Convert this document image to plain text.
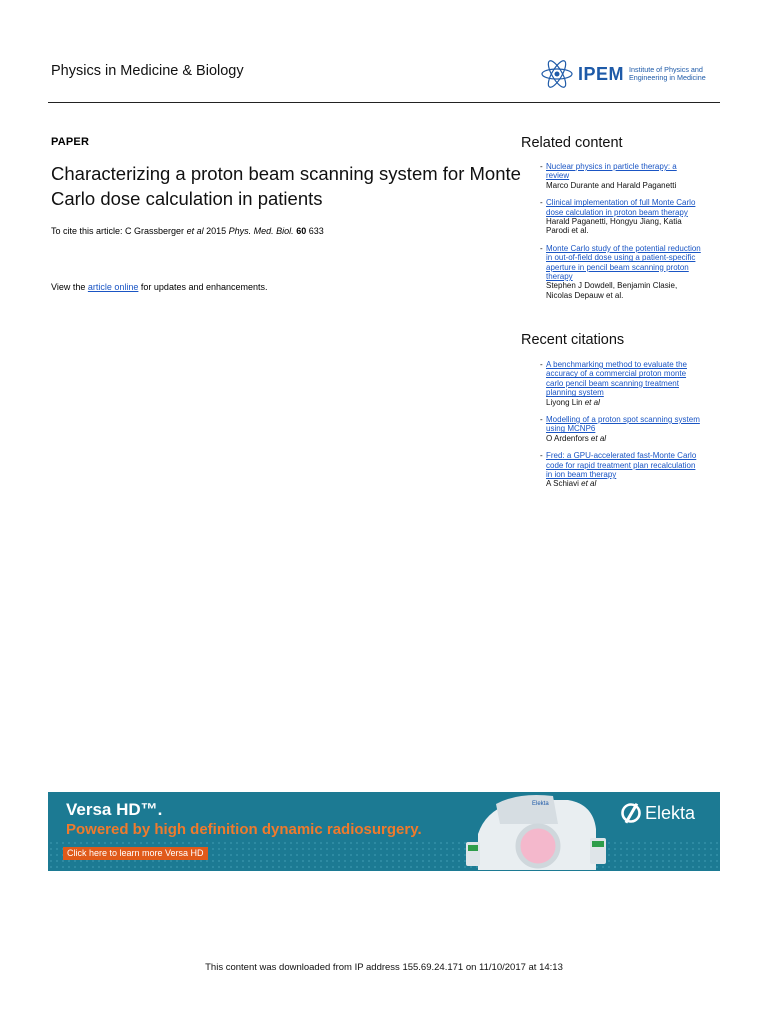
Physics in Medicine & Biology	IPEM Institute of Physics and
Engineering in Medicine
PAPER
Characterizing a proton beam scanning system for Monte Carlo dose calculation in patients
To cite this article: C Grassberger et al 2015 Phys. Med. Biol. 60 633
View the article online for updates and enhancements.
Related content
- Nuclear physics in particle therapy: a review
Marco Durante and Harald Paganetti
- Clinical implementation of full Monte Carlo dose calculation in proton beam therapy
Harald Paganetti, Hongyu Jiang, Katia Parodi et al.
- Monte Carlo study of the potential reduction in out-of-field dose using a patient-specific aperture in pencil beam scanning proton therapy
Stephen J Dowdell, Benjamin Clasie, Nicolas Depauw et al.
Recent citations
- A benchmarking method to evaluate the accuracy of a commercial proton monte carlo pencil beam scanning treatment planning system
Liyong Lin et al
- Modelling of a proton spot scanning system using MCNP6
O Ardenfors et al
- Fred: a GPU-accelerated fast-Monte Carlo code for rapid treatment plan recalculation in ion beam therapy
A Schiavi et al
Versa HD™.
Powered by high definition dynamic radiosurgery.
Click here to learn more Versa HD
Elekta	Elekta
This content was downloaded from IP address 155.69.24.171 on 11/10/2017 at 14:13
